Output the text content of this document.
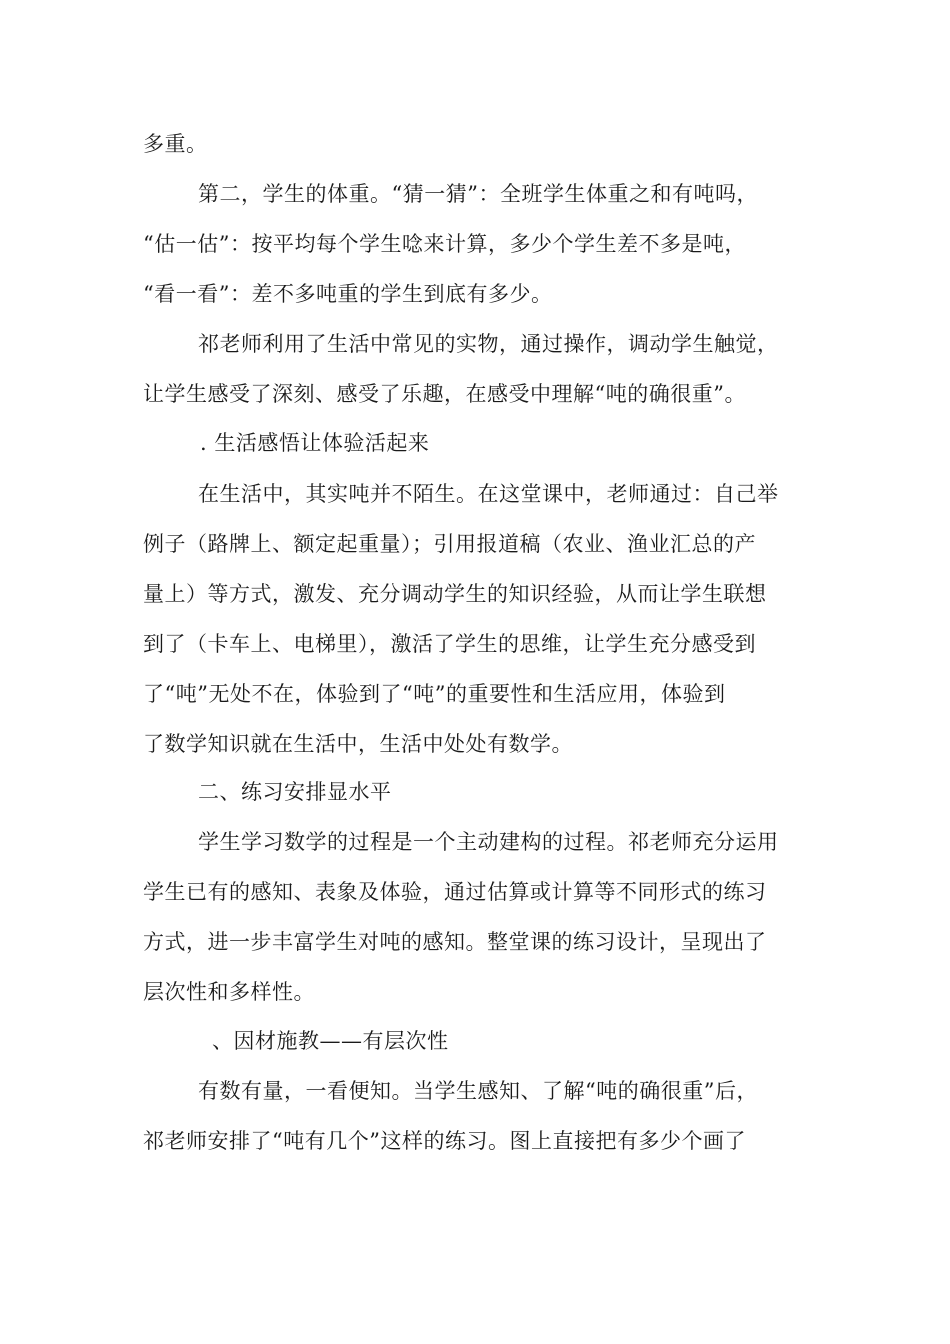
多重。
第二，学生的体重。“猜一猜”：全班学生体重之和有吨吗，
“估一估”：按平均每个学生唸来计算，多少个学生差不多是吨，
“看一看”：差不多吨重的学生到底有多少。
祁老师利用了生活中常见的实物，通过操作，调动学生触觉，
让学生感受了深刻、感受了乐趣，在感受中理解“吨的确很重”。
. 生活感悟让体验活起来
在生活中，其实吨并不陌生。在这堂课中，老师通过：自己举
例子（路牌上、额定起重量）；引用报道稿（农业、渔业汇总的产
量上）等方式，激发、充分调动学生的知识经验，从而让学生联想
到了（卡车上、电梯里），激活了学生的思维，让学生充分感受到
了“吨”无处不在，体验到了“吨”的重要性和生活应用，体验到
了数学知识就在生活中，生活中处处有数学。
二、练习安排显水平
学生学习数学的过程是一个主动建构的过程。祁老师充分运用
学生已有的感知、表象及体验，通过估算或计算等不同形式的练习
方式，进一步丰富学生对吨的感知。整堂课的练习设计，呈现出了
层次性和多样性。
、因材施教——有层次性
有数有量，一看便知。当学生感知、了解“吨的确很重”后，
祁老师安排了“吨有几个”这样的练习。图上直接把有多少个画了
